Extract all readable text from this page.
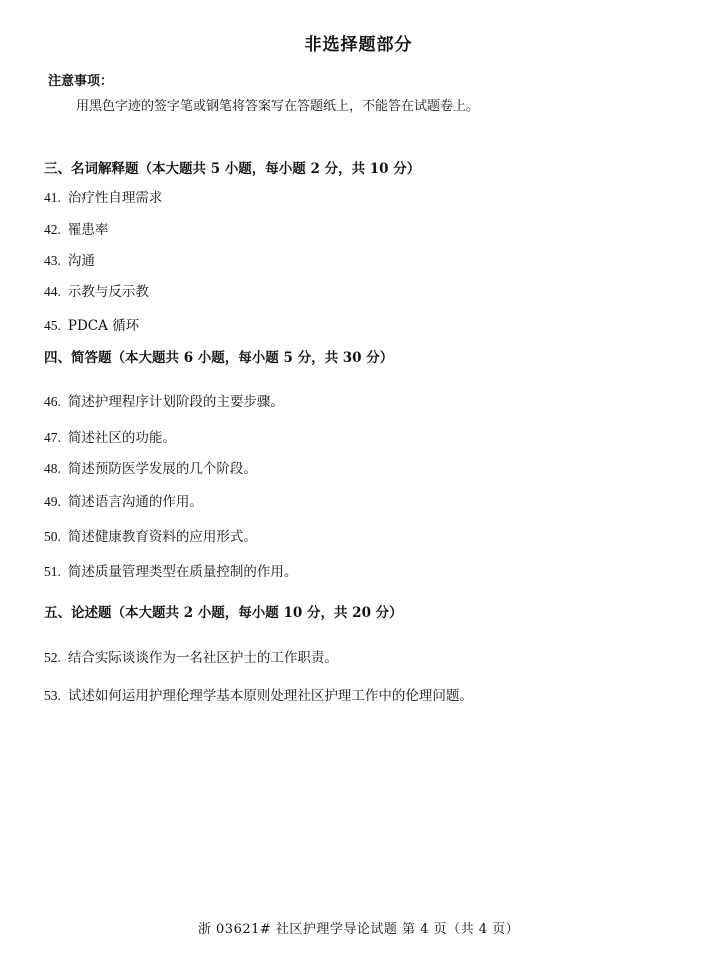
非选择题部分
注意事项：
用黑色字迹的签字笔或钢笔将答案写在答题纸上，不能答在试题卷上。
三、名词解释题（本大题共 5 小题，每小题 2 分，共 10 分）
41. 治疗性自理需求
42. 罹患率
43. 沟通
44. 示教与反示教
45. PDCA 循环
四、简答题（本大题共 6 小题，每小题 5 分，共 30 分）
46. 简述护理程序计划阶段的主要步骤。
47. 简述社区的功能。
48. 简述预防医学发展的几个阶段。
49. 简述语言沟通的作用。
50. 简述健康教育资料的应用形式。
51. 简述质量管理类型在质量控制的作用。
五、论述题（本大题共 2 小题，每小题 10 分，共 20 分）
52. 结合实际谈谈作为一名社区护士的工作职责。
53. 试述如何运用护理伦理学基本原则处理社区护理工作中的伦理问题。
浙 03621# 社区护理学导论试题 第 4 页（共 4 页）
